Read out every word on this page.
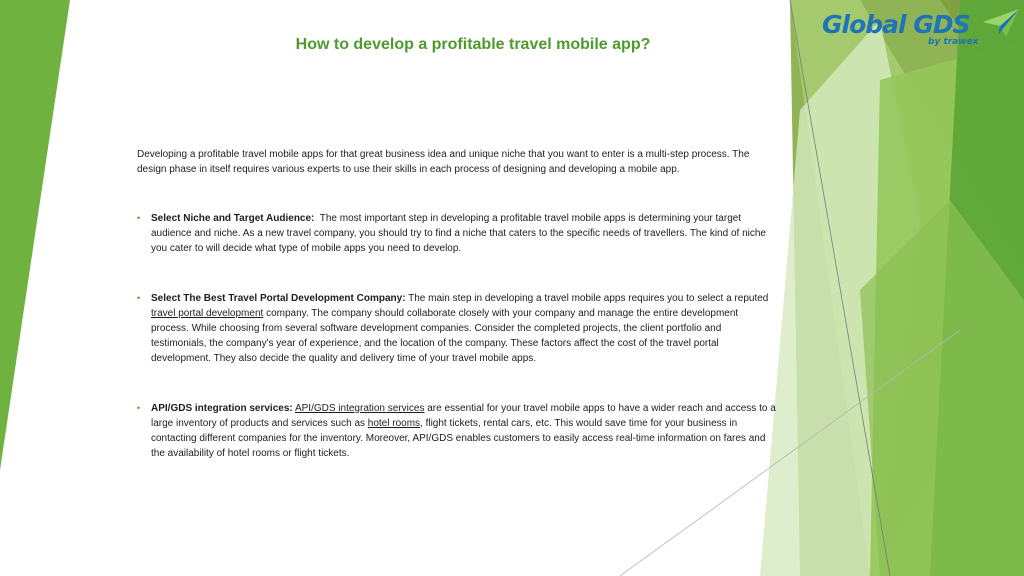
Global GDS
by trawex
How to develop a profitable travel mobile app?

Developing a profitable travel mobile apps for that great business idea and unique niche that you want to enter is a multi-step process. The design phase in itself requires various experts to use their skills in each process of designing and developing a mobile app.

• Select Niche and Target Audience: The most important step in developing a profitable travel mobile apps is determining your target audience and niche. As a new travel company, you should try to find a niche that caters to the specific needs of travellers. The kind of niche you cater to will decide what type of mobile apps you need to develop.

• Select The Best Travel Portal Development Company: The main step in developing a travel mobile apps requires you to select a reputed travel portal development company. The company should collaborate closely with your company and manage the entire development process. While choosing from several software development companies. Consider the completed projects, the client portfolio and testimonials, the company's year of experience, and the location of the company. These factors affect the cost of the travel portal development. They also decide the quality and delivery time of your travel mobile apps.

• API/GDS integration services: API/GDS integration services are essential for your travel mobile apps to have a wider reach and access to a large inventory of products and services such as hotel rooms, flight tickets, rental cars, etc. This would save time for your business in contacting different companies for the inventory. Moreover, API/GDS enables customers to easily access real-time information on fares and the availability of hotel rooms or flight tickets.
